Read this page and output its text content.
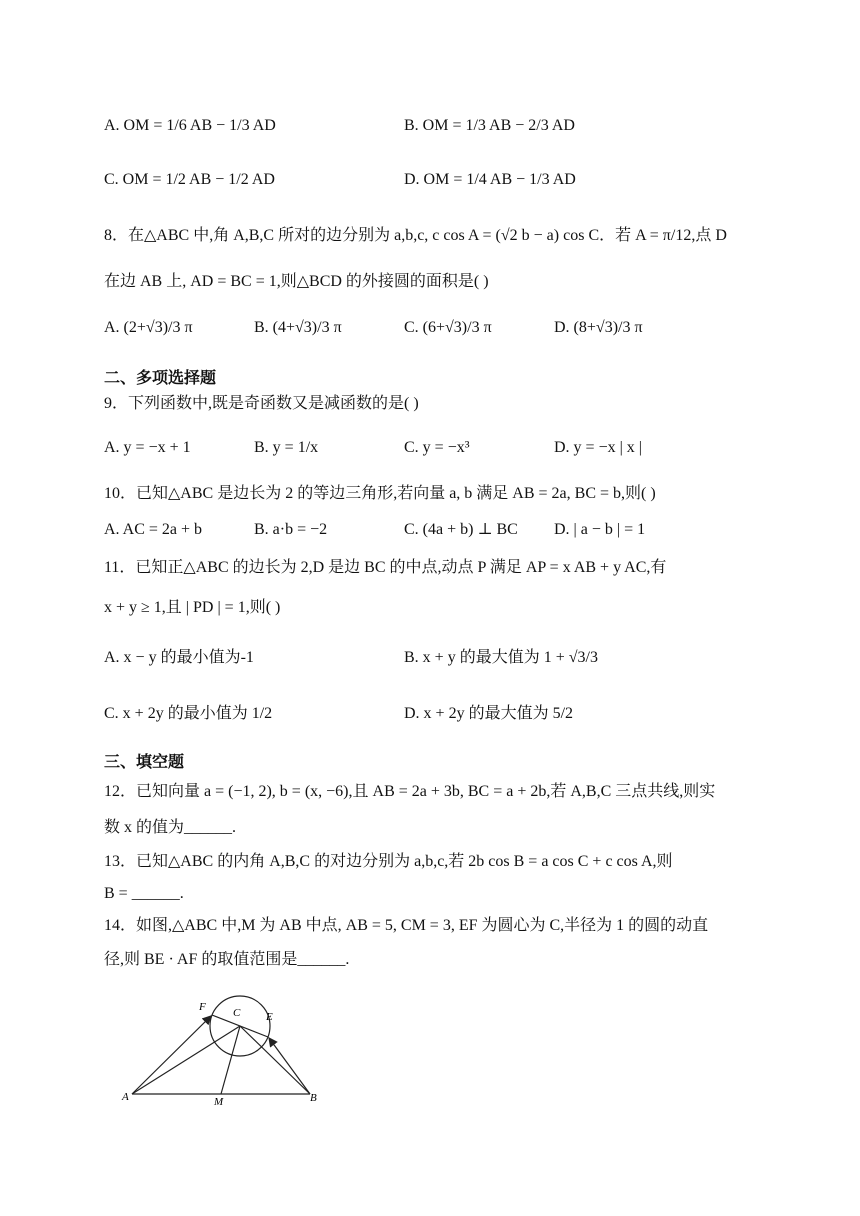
A. OM = 1/6 AB − 1/3 AD	B. OM = 1/3 AB − 2/3 AD
C. OM = 1/2 AB − 1/2 AD	D. OM = 1/4 AB − 1/3 AD
8．在△ABC 中,角 A,B,C 所对的边分别为 a,b,c, c cos A = (√2 b − a) cos C．若 A = π/12,点 D
在边 AB 上, AD = BC = 1,则△BCD 的外接圆的面积是( )
A. (2+√3)/3 π	B. (4+√3)/3 π	C. (6+√3)/3 π	D. (8+√3)/3 π
二、多项选择题
9．下列函数中,既是奇函数又是减函数的是( )
A. y = −x + 1	B. y = 1/x	C. y = −x³	D. y = −x | x |
10．已知△ABC 是边长为 2 的等边三角形,若向量 a, b 满足 AB = 2a, BC = b,则( )
A. AC = 2a + b	B. a·b = −2	C. (4a + b) ⊥ BC D. | a − b | = 1
11．已知正△ABC 的边长为 2,D 是边 BC 的中点,动点 P 满足 AP = x AB + y AC,有
x + y ≥ 1,且 | PD | = 1,则( )
A. x − y 的最小值为-1	B. x + y 的最大值为 1 + √3/3
C. x + 2y 的最小值为 1/2	D. x + 2y 的最大值为 5/2
三、填空题
12．已知向量 a = (−1, 2), b = (x, −6),且 AB = 2a + 3b, BC = a + 2b,若 A,B,C 三点共线,则实
数 x 的值为______.
13．已知△ABC 的内角 A,B,C 的对边分别为 a,b,c,若 2b cos B = a cos C + c cos A,则
B = ______.
14．如图,△ABC 中,M 为 AB 中点, AB = 5, CM = 3, EF 为圆心为 C,半径为 1 的圆的动直
径,则 BE · AF 的取值范围是______.
A	B
C
M
E
F
